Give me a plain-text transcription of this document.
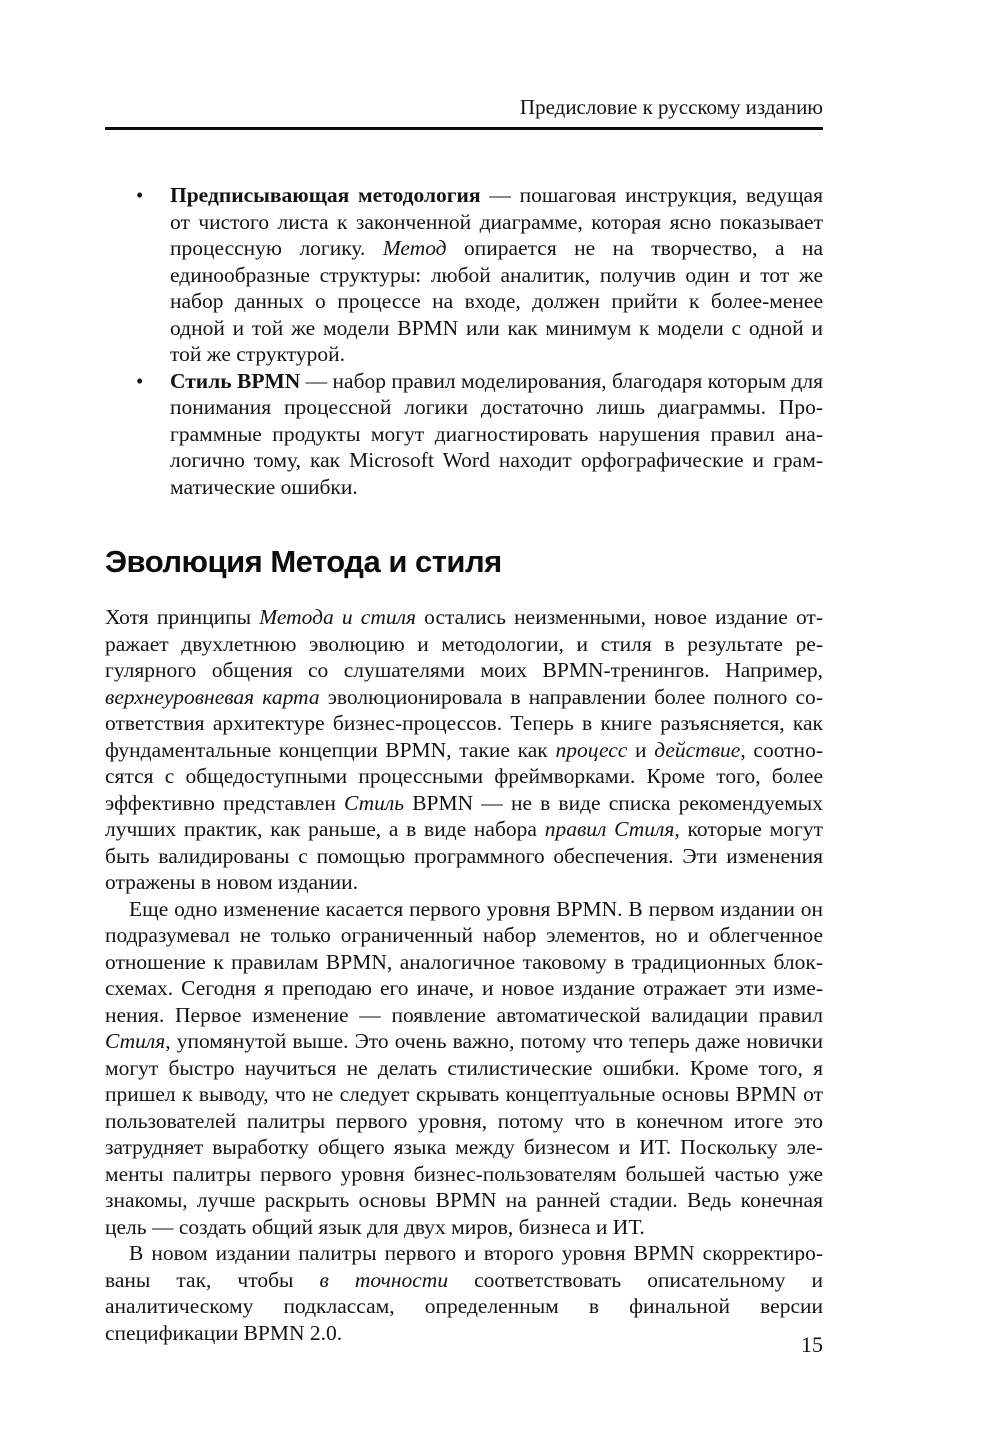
Предисловие к русскому изданию
• Предписывающая методология — пошаговая инструкция, ведущая от чистого листа к законченной диаграмме, которая ясно показывает процессную логику. Метод опирается не на творчество, а на единообразные структуры: любой аналитик, получив один и тот же набор данных о процессе на входе, должен прийти к более-менее одной и той же модели BPMN или как минимум к модели с одной и той же структурой.
• Стиль BPMN — набор правил моделирования, благодаря которым для понимания процессной логики достаточно лишь диаграммы. Программные продукты могут диагностировать нарушения правил аналогично тому, как Microsoft Word находит орфографические и грамматические ошибки.
Эволюция Метода и стиля

Хотя принципы Метода и стиля остались неизменными, новое издание отражает двухлетнюю эволюцию и методологии, и стиля в результате регулярного общения со слушателями моих BPMN-тренингов. Например, верхнеуровневая карта эволюционировала в направлении более полного соответствия архитектуре бизнес-процессов. Теперь в книге разъясняется, как фундаментальные концепции BPMN, такие как процесс и действие, соотносятся с общедоступными процессными фреймворками. Кроме того, более эффективно представлен Стиль BPMN — не в виде списка рекомендуемых лучших практик, как раньше, а в виде набора правил Стиля, которые могут быть валидированы с помощью программного обеспечения. Эти изменения отражены в новом издании.

Еще одно изменение касается первого уровня BPMN. В первом издании он подразумевал не только ограниченный набор элементов, но и облегченное отношение к правилам BPMN, аналогичное таковому в традиционных блок-схемах. Сегодня я преподаю его иначе, и новое издание отражает эти изменения. Первое изменение — появление автоматической валидации правил Стиля, упомянутой выше. Это очень важно, потому что теперь даже новички могут быстро научиться не делать стилистические ошибки. Кроме того, я пришел к выводу, что не следует скрывать концептуальные основы BPMN от пользователей палитры первого уровня, потому что в конечном итоге это затрудняет выработку общего языка между бизнесом и ИТ. Поскольку элементы палитры первого уровня бизнес-пользователям большей частью уже знакомы, лучше раскрыть основы BPMN на ранней стадии. Ведь конечная цель — создать общий язык для двух миров, бизнеса и ИТ.

В новом издании палитры первого и второго уровня BPMN скорректированы так, чтобы в точности соответствовать описательному и аналитическому подклассам, определенным в финальной версии спецификации BPMN 2.0.	15
